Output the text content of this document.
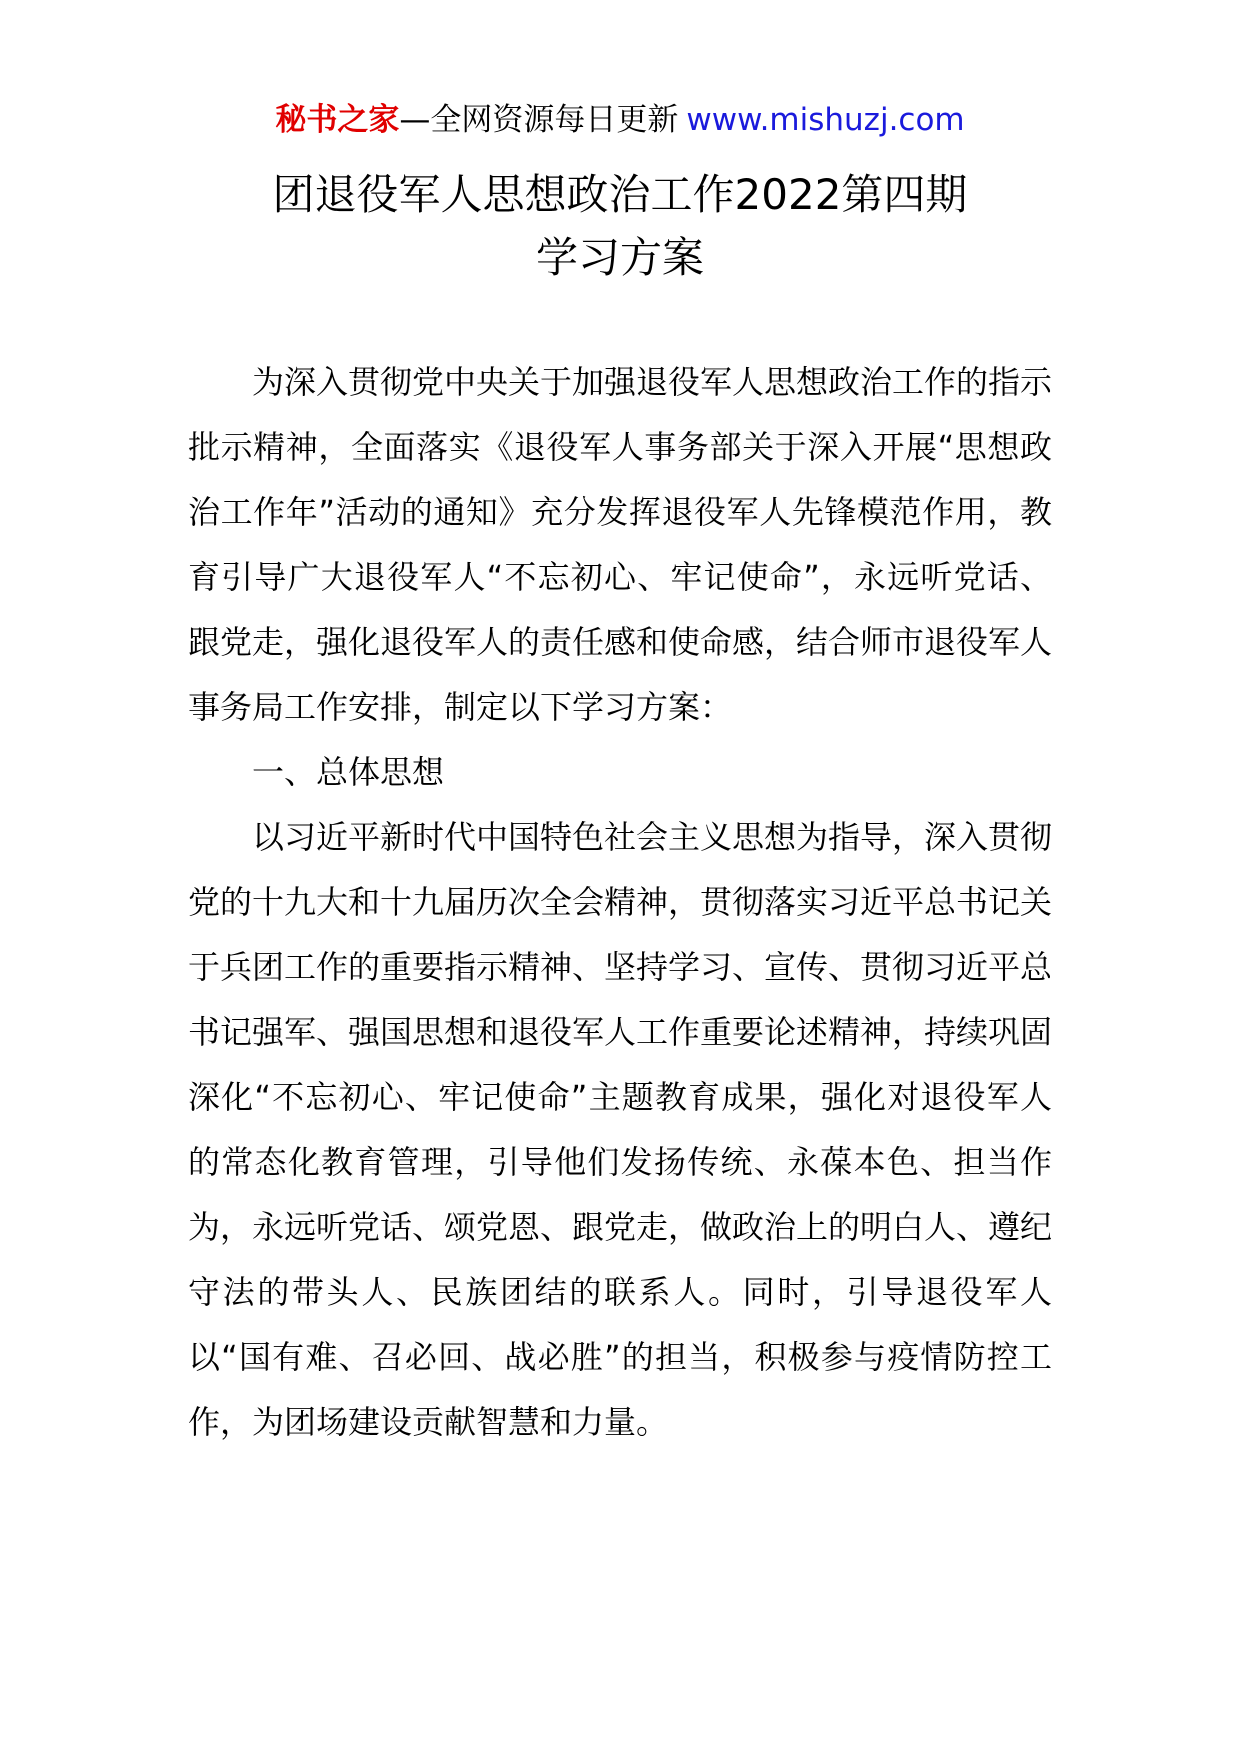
秘书之家—全网资源每日更新 www.mishuzj.com
团退役军人思想政治工作2022第四期
学习方案

为深入贯彻党中央关于加强退役军人思想政治工作的指示批示精神，全面落实《退役军人事务部关于深入开展“思想政治工作年”活动的通知》充分发挥退役军人先锋模范作用，教育引导广大退役军人“不忘初心、牢记使命”，永远听党话、跟党走，强化退役军人的责任感和使命感，结合师市退役军人事务局工作安排，制定以下学习方案：

一、总体思想

以习近平新时代中国特色社会主义思想为指导，深入贯彻党的十九大和十九届历次全会精神，贯彻落实习近平总书记关于兵团工作的重要指示精神、坚持学习、宣传、贯彻习近平总书记强军、强国思想和退役军人工作重要论述精神，持续巩固深化“不忘初心、牢记使命”主题教育成果，强化对退役军人的常态化教育管理，引导他们发扬传统、永葆本色、担当作为，永远听党话、颂党恩、跟党走，做政治上的明白人、遵纪守法的带头人、民族团结的联系人。同时，引导退役军人以“国有难、召必回、战必胜”的担当，积极参与疫情防控工作，为团场建设贡献智慧和力量。
